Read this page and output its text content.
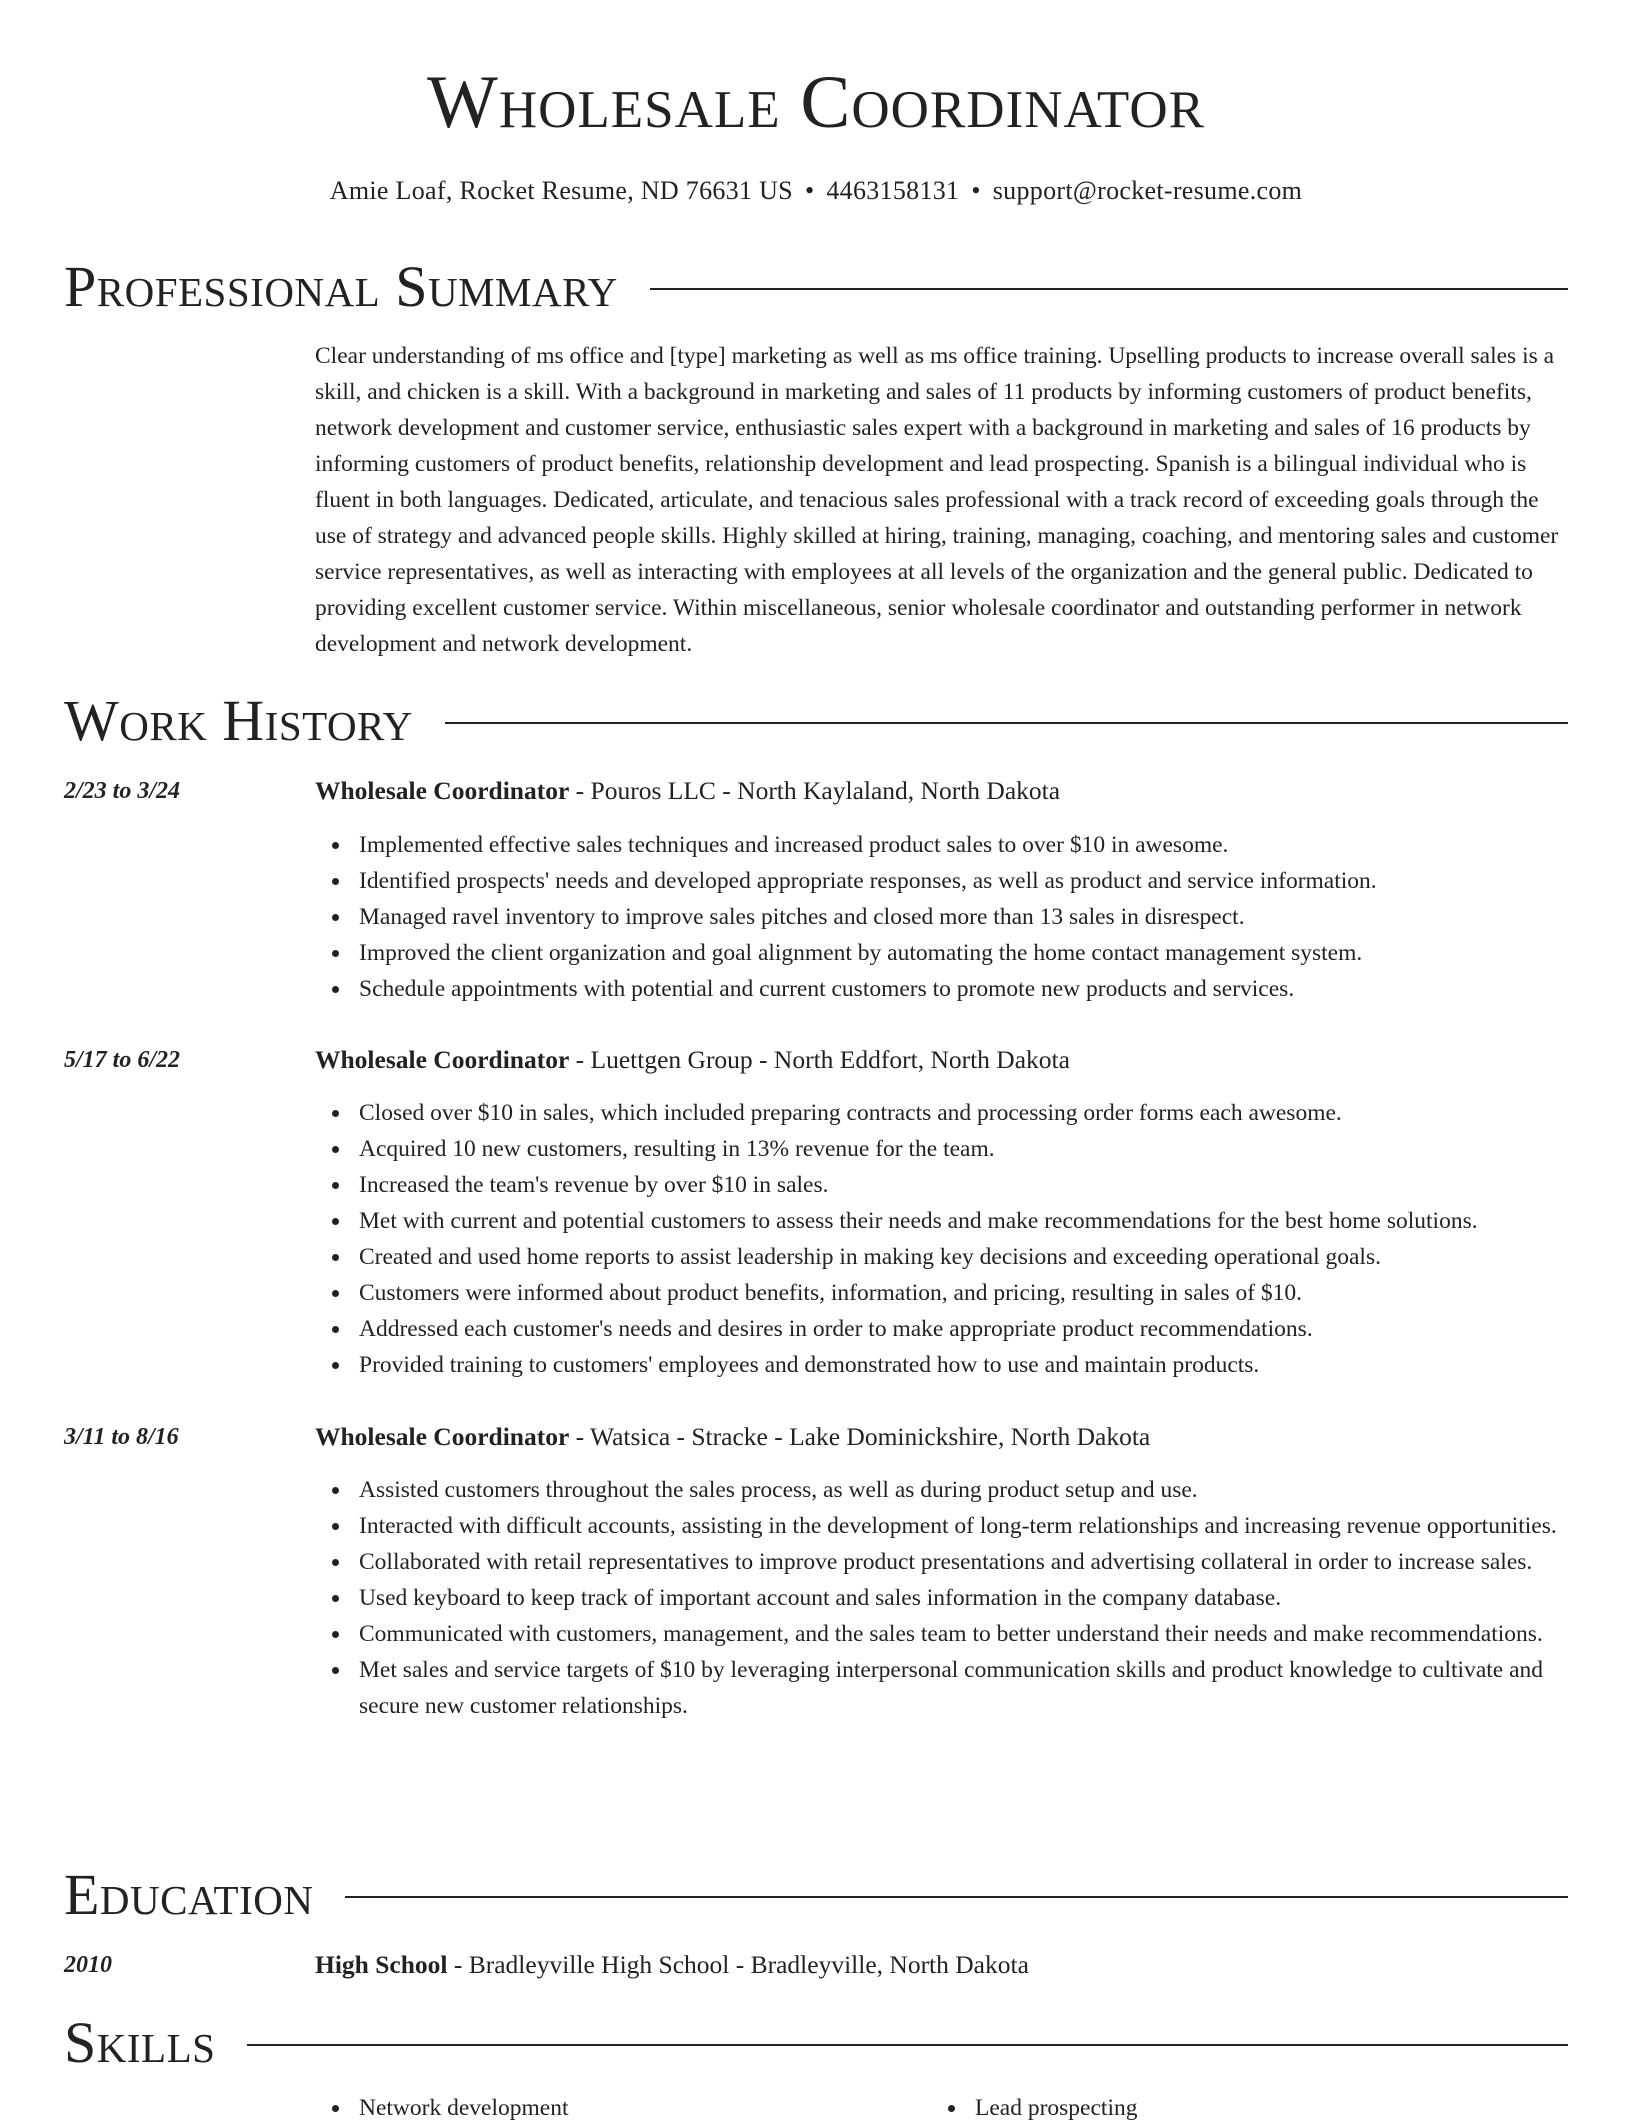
Wholesale Coordinator
Amie Loaf, Rocket Resume, ND 76631 US • 4463158131 • support@rocket-resume.com
Professional Summary

Clear understanding of ms office and [type] marketing as well as ms office training. Upselling products to increase overall sales is a skill, and chicken is a skill. With a background in marketing and sales of 11 products by informing customers of product benefits, network development and customer service, enthusiastic sales expert with a background in marketing and sales of 16 products by informing customers of product benefits, relationship development and lead prospecting. Spanish is a bilingual individual who is fluent in both languages. Dedicated, articulate, and tenacious sales professional with a track record of exceeding goals through the use of strategy and advanced people skills. Highly skilled at hiring, training, managing, coaching, and mentoring sales and customer service representatives, as well as interacting with employees at all levels of the organization and the general public. Dedicated to providing excellent customer service. Within miscellaneous, senior wholesale coordinator and outstanding performer in network development and network development.

Work History
2/23 to 3/24	Wholesale Coordinator - Pouros LLC - North Kaylaland, North Dakota
Implemented effective sales techniques and increased product sales to over $10 in awesome.
Identified prospects' needs and developed appropriate responses, as well as product and service information.
Managed ravel inventory to improve sales pitches and closed more than 13 sales in disrespect.
Improved the client organization and goal alignment by automating the home contact management system.
Schedule appointments with potential and current customers to promote new products and services.
5/17 to 6/22	Wholesale Coordinator - Luettgen Group - North Eddfort, North Dakota
Closed over $10 in sales, which included preparing contracts and processing order forms each awesome.
Acquired 10 new customers, resulting in 13% revenue for the team.
Increased the team's revenue by over $10 in sales.
Met with current and potential customers to assess their needs and make recommendations for the best home solutions.
Created and used home reports to assist leadership in making key decisions and exceeding operational goals.
Customers were informed about product benefits, information, and pricing, resulting in sales of $10.
Addressed each customer's needs and desires in order to make appropriate product recommendations.
Provided training to customers' employees and demonstrated how to use and maintain products.
3/11 to 8/16	Wholesale Coordinator - Watsica - Stracke - Lake Dominickshire, North Dakota
Assisted customers throughout the sales process, as well as during product setup and use.
Interacted with difficult accounts, assisting in the development of long-term relationships and increasing revenue opportunities.
Collaborated with retail representatives to improve product presentations and advertising collateral in order to increase sales.
Used keyboard to keep track of important account and sales information in the company database.
Communicated with customers, management, and the sales team to better understand their needs and make recommendations.
Met sales and service targets of $10 by leveraging interpersonal communication skills and product knowledge to cultivate and secure new customer relationships.
Education
2010	High School - Bradleyville High School - Bradleyville, North Dakota
Skills
Network development	Lead prospecting
